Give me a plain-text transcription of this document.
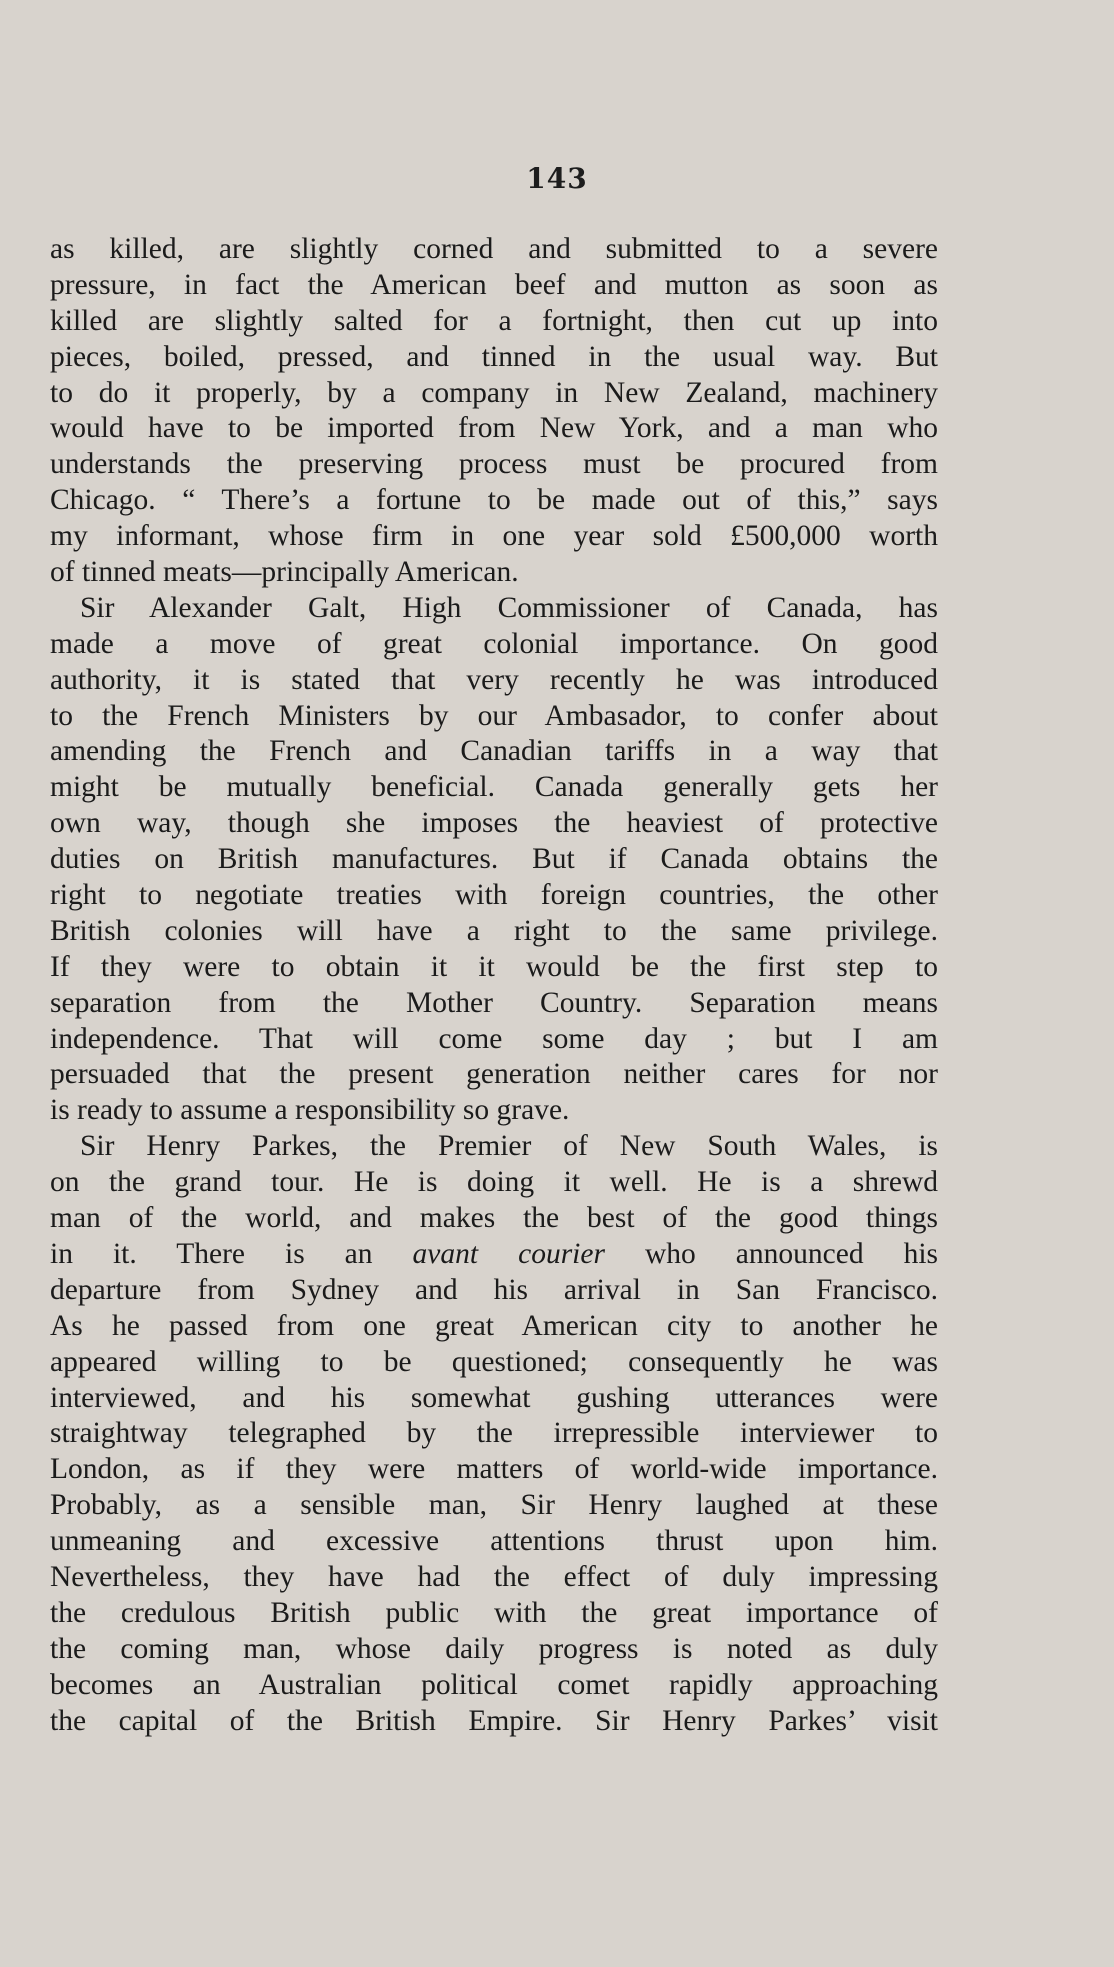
143
as killed, are slightly corned and submitted to a severe
pressure, in fact the American beef and mutton as soon as
killed are slightly salted for a fortnight, then cut up into
pieces, boiled, pressed, and tinned in the usual way. But
to do it properly, by a company in New Zealand, machinery
would have to be imported from New York, and a man who
understands the preserving process must be procured from
Chicago. “ There’s a fortune to be made out of this,” says
my informant, whose firm in one year sold £500,000 worth
of tinned meats—principally American.
Sir Alexander Galt, High Commissioner of Canada, has
made a move of great colonial importance. On good
authority, it is stated that very recently he was introduced
to the French Ministers by our Ambasador, to confer about
amending the French and Canadian tariffs in a way that
might be mutually beneficial. Canada generally gets her
own way, though she imposes the heaviest of protective
duties on British manufactures. But if Canada obtains the
right to negotiate treaties with foreign countries, the other
British colonies will have a right to the same privilege.
If they were to obtain it it would be the first step to
separation from the Mother Country. Separation means
independence. That will come some day ; but I am
persuaded that the present generation neither cares for nor
is ready to assume a responsibility so grave.
Sir Henry Parkes, the Premier of New South Wales, is
on the grand tour. He is doing it well. He is a shrewd
man of the world, and makes the best of the good things
in it. There is an avant courier who announced his
departure from Sydney and his arrival in San Francisco.
As he passed from one great American city to another he
appeared willing to be questioned; consequently he was
interviewed, and his somewhat gushing utterances were
straightway telegraphed by the irrepressible interviewer to
London, as if they were matters of world-wide importance.
Probably, as a sensible man, Sir Henry laughed at these
unmeaning and excessive attentions thrust upon him.
Nevertheless, they have had the effect of duly impressing
the credulous British public with the great importance of
the coming man, whose daily progress is noted as duly
becomes an Australian political comet rapidly approaching
the capital of the British Empire. Sir Henry Parkes’ visit
